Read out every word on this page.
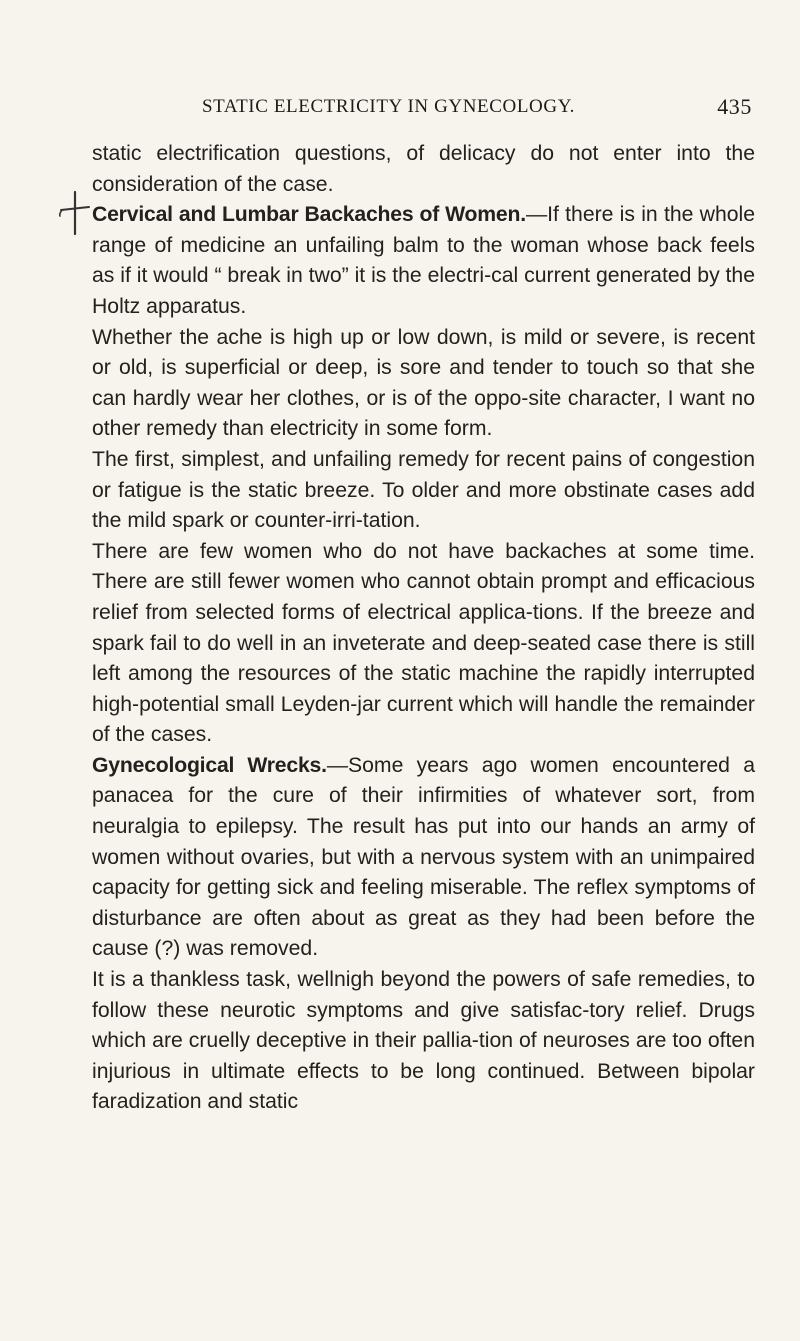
STATIC ELECTRICITY IN GYNECOLOGY.	435

static electrification questions, of delicacy do not enter into the consideration of the case.

Cervical and Lumbar Backaches of Women.—If there is in the whole range of medicine an unfailing balm to the woman whose back feels as if it would “ break in two” it is the electri-cal current generated by the Holtz apparatus.

Whether the ache is high up or low down, is mild or severe, is recent or old, is superficial or deep, is sore and tender to touch so that she can hardly wear her clothes, or is of the oppo-site character, I want no other remedy than electricity in some form.

The first, simplest, and unfailing remedy for recent pains of congestion or fatigue is the static breeze. To older and more obstinate cases add the mild spark or counter-irri-tation.

There are few women who do not have backaches at some time. There are still fewer women who cannot obtain prompt and efficacious relief from selected forms of electrical applica-tions. If the breeze and spark fail to do well in an inveterate and deep-seated case there is still left among the resources of the static machine the rapidly interrupted high-potential small Leyden-jar current which will handle the remainder of the cases.

Gynecological Wrecks.—Some years ago women encountered a panacea for the cure of their infirmities of whatever sort, from neuralgia to epilepsy. The result has put into our hands an army of women without ovaries, but with a nervous system with an unimpaired capacity for getting sick and feeling miserable. The reflex symptoms of disturbance are often about as great as they had been before the cause (?) was removed.

It is a thankless task, wellnigh beyond the powers of safe remedies, to follow these neurotic symptoms and give satisfac-tory relief. Drugs which are cruelly deceptive in their pallia-tion of neuroses are too often injurious in ultimate effects to be long continued. Between bipolar faradization and static
